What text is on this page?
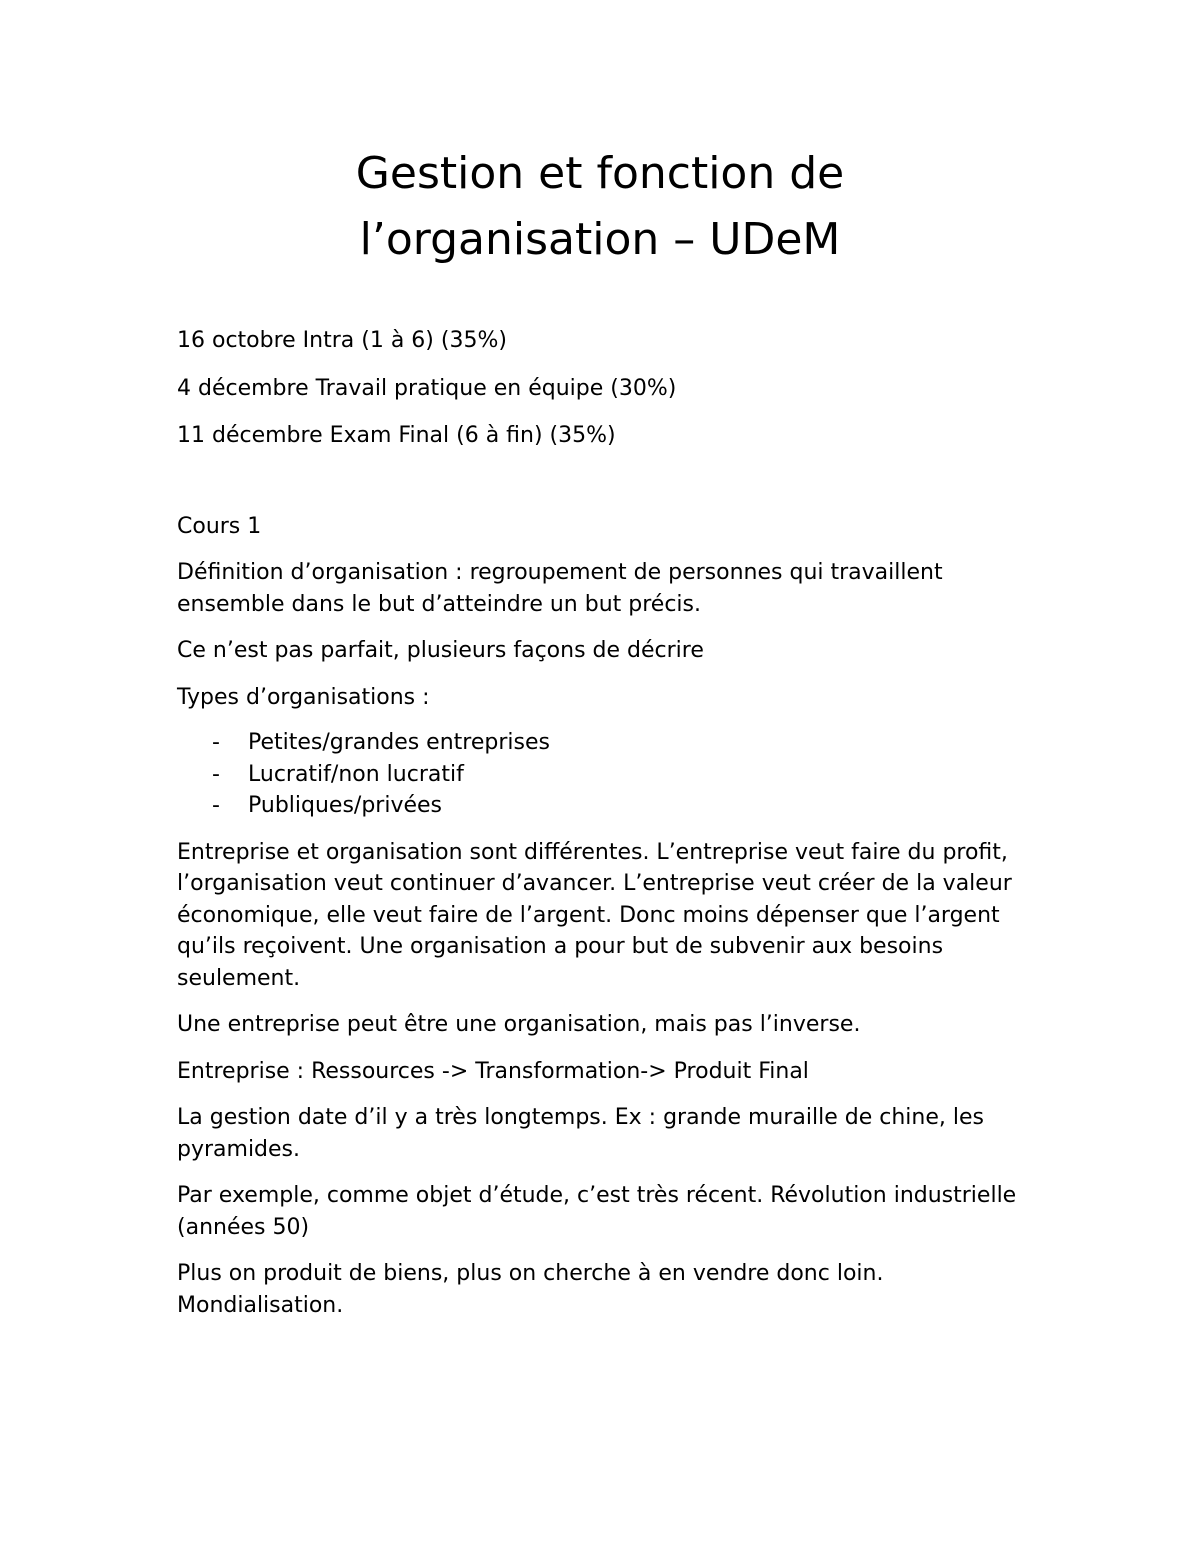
Gestion et fonction de
l’organisation – UDeM

16 octobre Intra (1 à 6) (35%)

4 décembre Travail pratique en équipe (30%)

11 décembre Exam Final (6 à fin) (35%)

Cours 1

Définition d’organisation : regroupement de personnes qui travaillent ensemble dans le but d’atteindre un but précis.

Ce n’est pas parfait, plusieurs façons de décrire

Types d’organisations :

- Petites/grandes entreprises
- Lucratif/non lucratif
- Publiques/privées

Entreprise et organisation sont différentes. L’entreprise veut faire du profit, l’organisation veut continuer d’avancer. L’entreprise veut créer de la valeur économique, elle veut faire de l’argent. Donc moins dépenser que l’argent qu’ils reçoivent. Une organisation a pour but de subvenir aux besoins seulement.

Une entreprise peut être une organisation, mais pas l’inverse.

Entreprise : Ressources -> Transformation-> Produit Final

La gestion date d’il y a très longtemps. Ex : grande muraille de chine, les pyramides.

Par exemple, comme objet d’étude, c’est très récent. Révolution industrielle (années 50)

Plus on produit de biens, plus on cherche à en vendre donc loin. Mondialisation.
